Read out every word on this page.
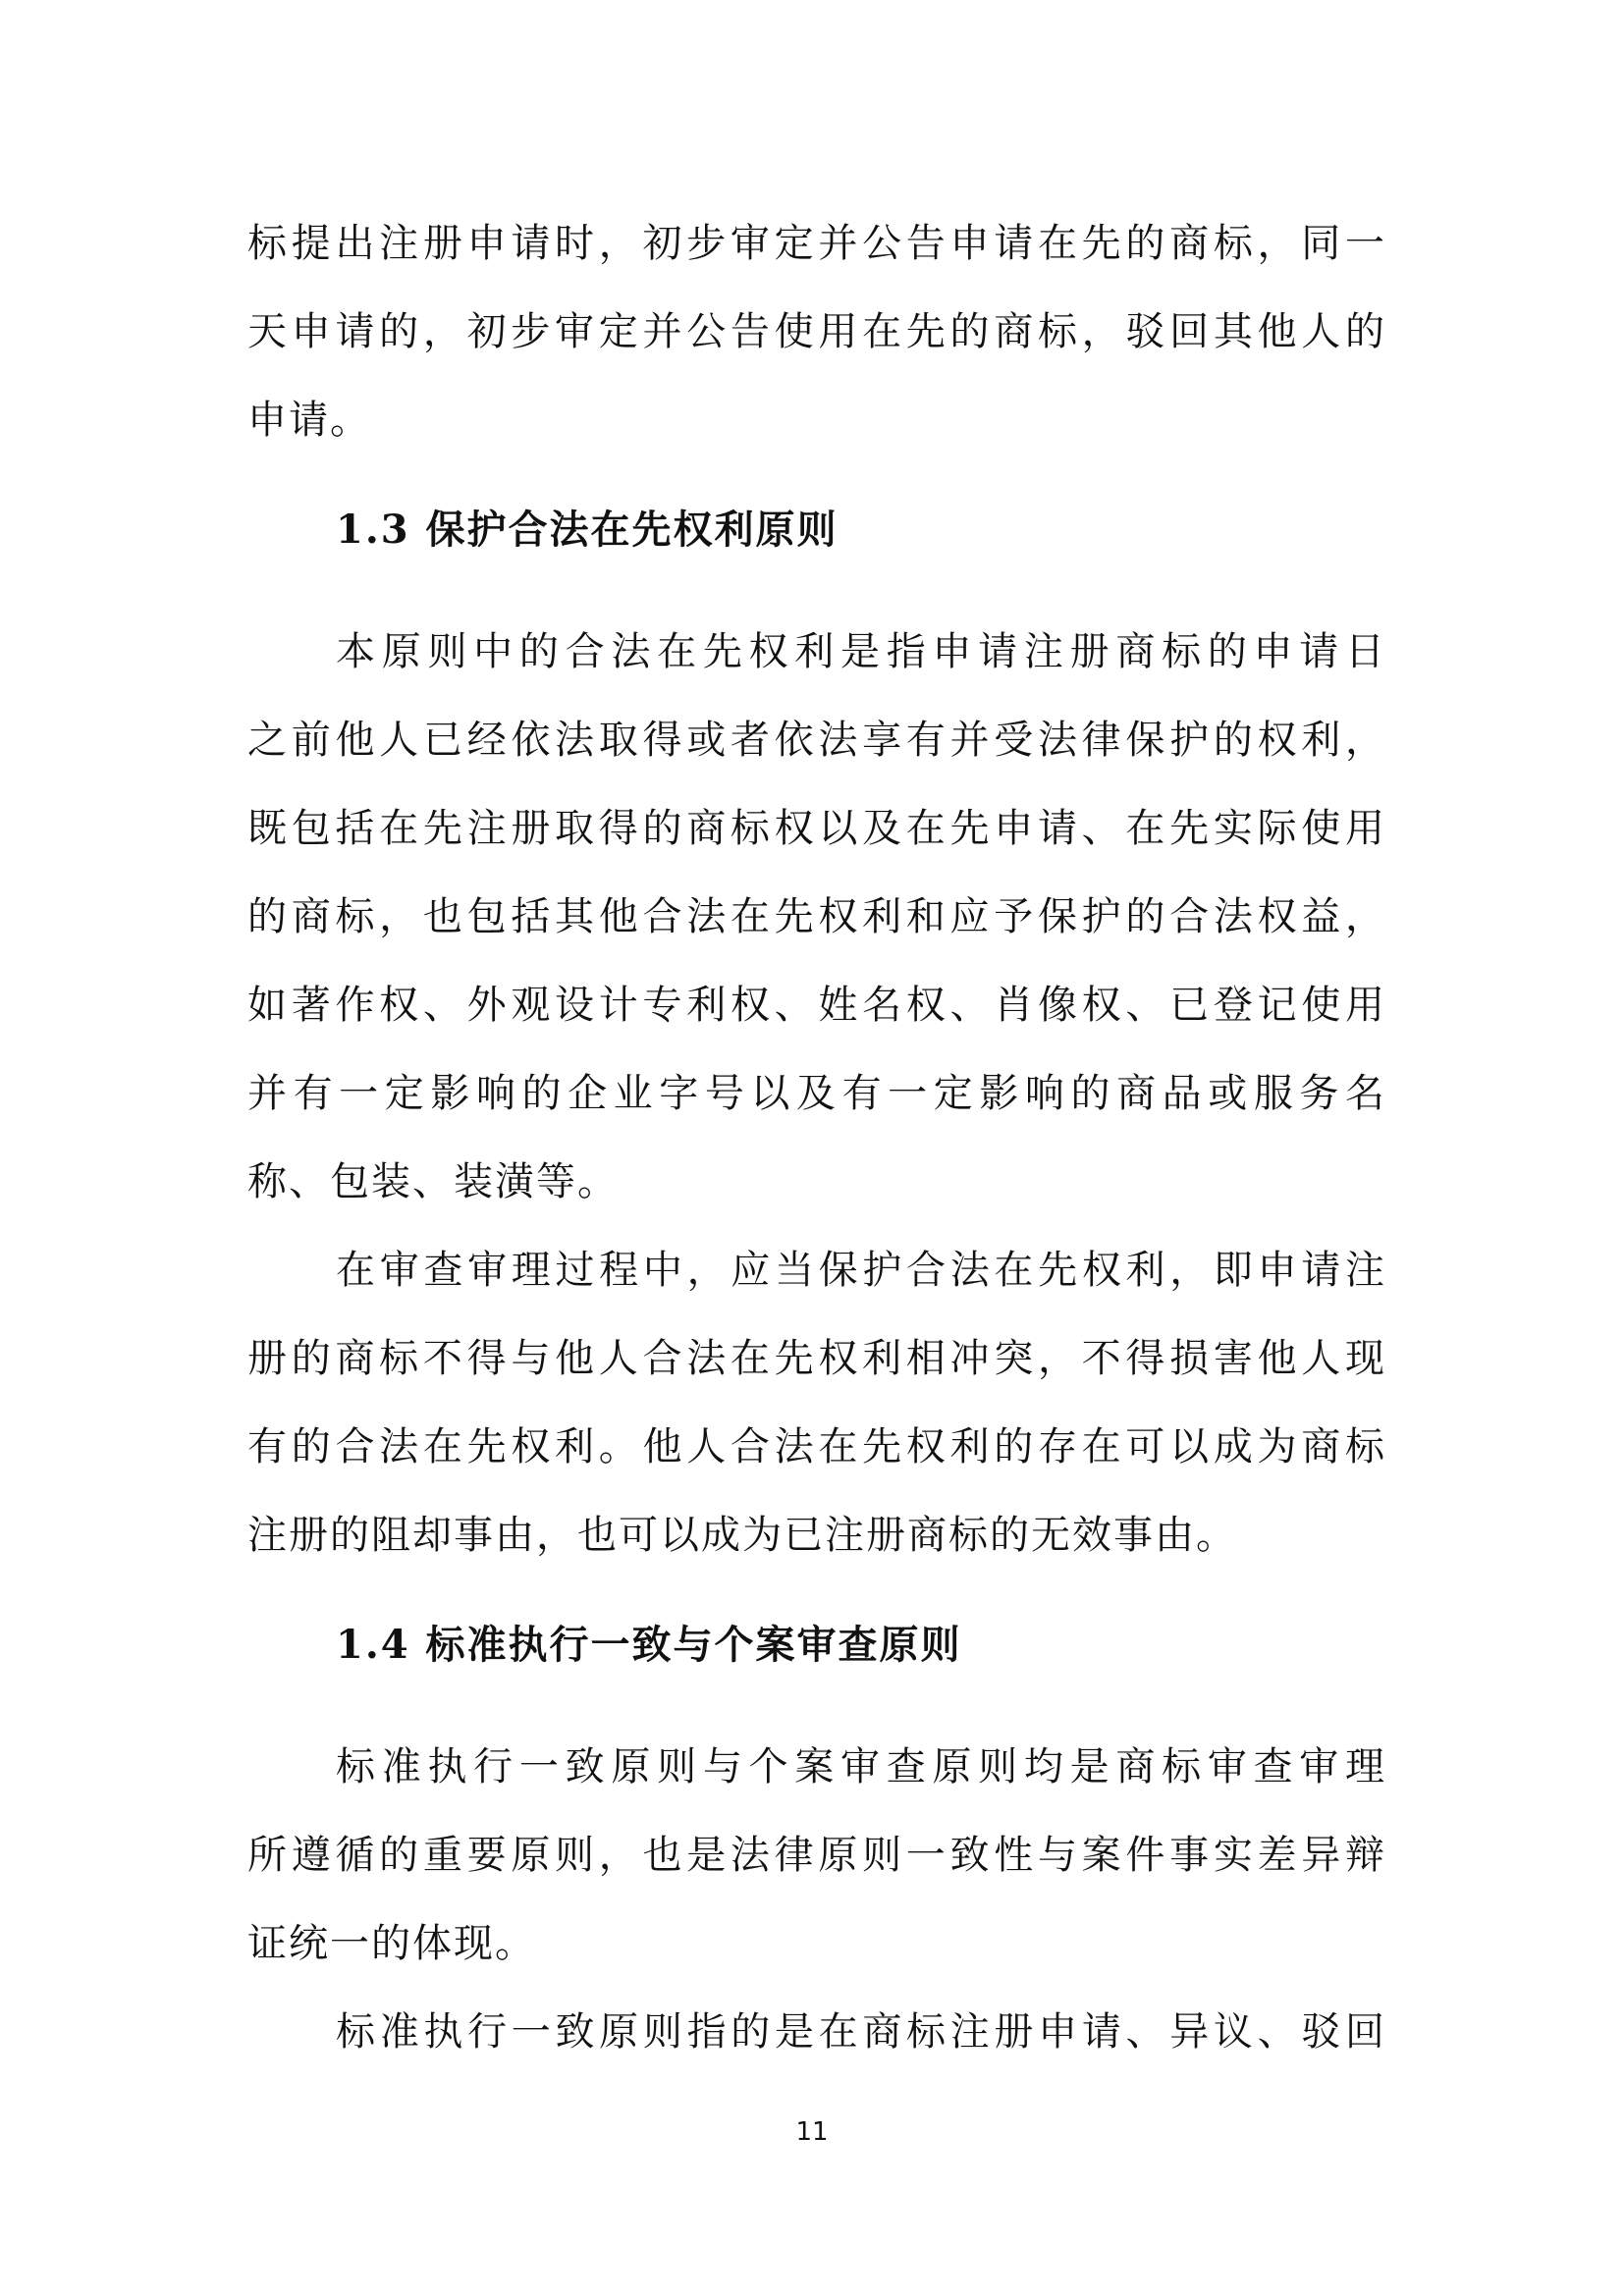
标提出注册申请时，初步审定并公告申请在先的商标，同一
天申请的，初步审定并公告使用在先的商标，驳回其他人的
申请。
1.3 保护合法在先权利原则
本原则中的合法在先权利是指申请注册商标的申请日
之前他人已经依法取得或者依法享有并受法律保护的权利，
既包括在先注册取得的商标权以及在先申请、在先实际使用
的商标，也包括其他合法在先权利和应予保护的合法权益，
如著作权、外观设计专利权、姓名权、肖像权、已登记使用
并有一定影响的企业字号以及有一定影响的商品或服务名
称、包装、装潢等。
在审查审理过程中，应当保护合法在先权利，即申请注
册的商标不得与他人合法在先权利相冲突，不得损害他人现
有的合法在先权利。他人合法在先权利的存在可以成为商标
注册的阻却事由，也可以成为已注册商标的无效事由。
1.4 标准执行一致与个案审查原则
标准执行一致原则与个案审查原则均是商标审查审理
所遵循的重要原则，也是法律原则一致性与案件事实差异辩
证统一的体现。
标准执行一致原则指的是在商标注册申请、异议、驳回
11
